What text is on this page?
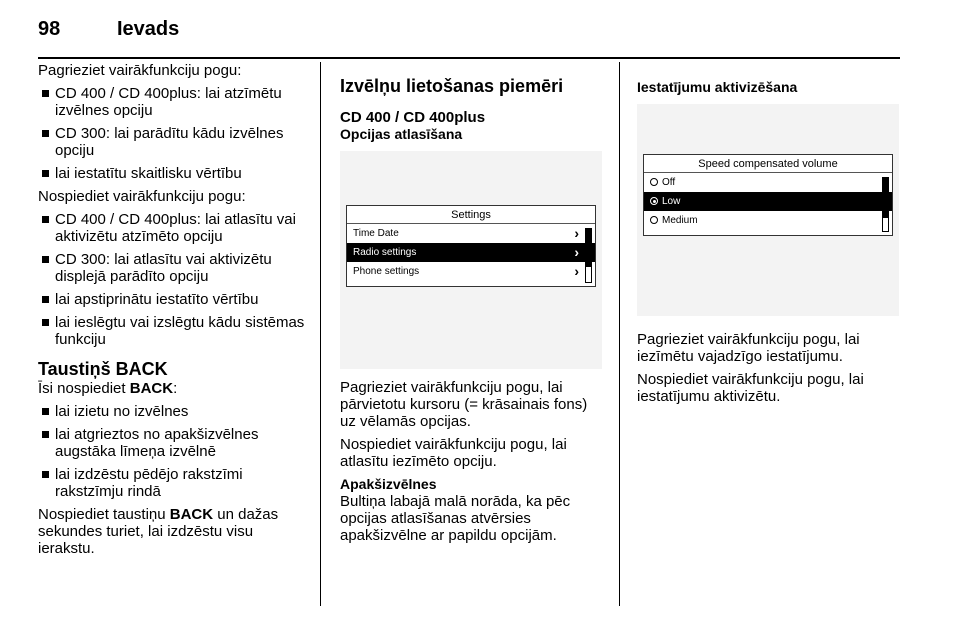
98	Ievads

Pagrieziet vairākfunkciju pogu:

CD 400 / CD 400plus: lai atzīmētu izvēlnes opciju
CD 300: lai parādītu kādu izvēlnes opciju
lai iestatītu skaitlisku vērtību

Nospiediet vairākfunkciju pogu:

CD 400 / CD 400plus: lai atlasītu vai aktivizētu atzīmēto opciju
CD 300: lai atlasītu vai aktivizētu displejā parādīto opciju
lai apstiprinātu iestatīto vērtību
lai ieslēgtu vai izslēgtu kādu sistēmas funkciju
Taustiņš BACK

Īsi nospiediet BACK:

lai izietu no izvēlnes
lai atgrieztos no apakšizvēlnes augstāka līmeņa izvēlnē
lai izdzēstu pēdējo rakstzīmi rakstzīmju rindā

Nospiediet taustiņu BACK un dažas sekundes turiet, lai izdzēstu visu ierakstu.

Izvēlņu lietošanas piemēri
CD 400 / CD 400plus
Opcijas atlasīšana
Settings
Time Date	›
Radio settings	›
Phone settings	›

Pagrieziet vairākfunkciju pogu, lai pārvietotu kursoru (= krāsainais fons) uz vēlamās opcijas.

Nospiediet vairākfunkciju pogu, lai atlasītu iezīmēto opciju.

Apakšizvēlnes

Bultiņa labajā malā norāda, ka pēc opcijas atlasīšanas atvērsies apakšizvēlne ar papildu opcijām.

Iestatījumu aktivizēšana
Speed compensated volume
Off
Low
Medium

Pagrieziet vairākfunkciju pogu, lai iezīmētu vajadzīgo iestatījumu.

Nospiediet vairākfunkciju pogu, lai iestatījumu aktivizētu.
